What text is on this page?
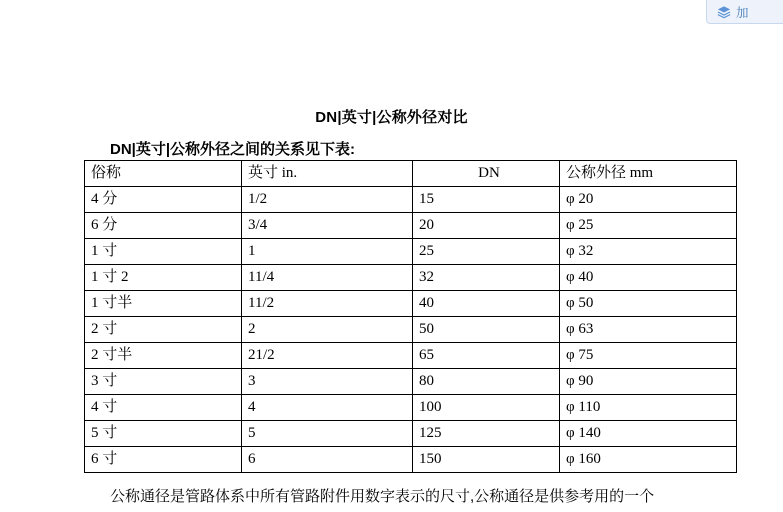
加
DN|英寸|公称外径对比
DN|英寸|公称外径之间的关系见下表:
俗称	英寸 in.	DN	公称外径 mm
4 分	1/2	15	φ 20
6 分	3/4	20	φ 25
1 寸	1	25	φ 32
1 寸 2	11/4	32	φ 40
1 寸半	11/2	40	φ 50
2 寸	2	50	φ 63
2 寸半	21/2	65	φ 75
3 寸	3	80	φ 90
4 寸	4	100	φ 110
5 寸	5	125	φ 140
6 寸	6	150	φ 160
公称通径是管路体系中所有管路附件用数字表示的尺寸,公称通径是供参考用的一个
